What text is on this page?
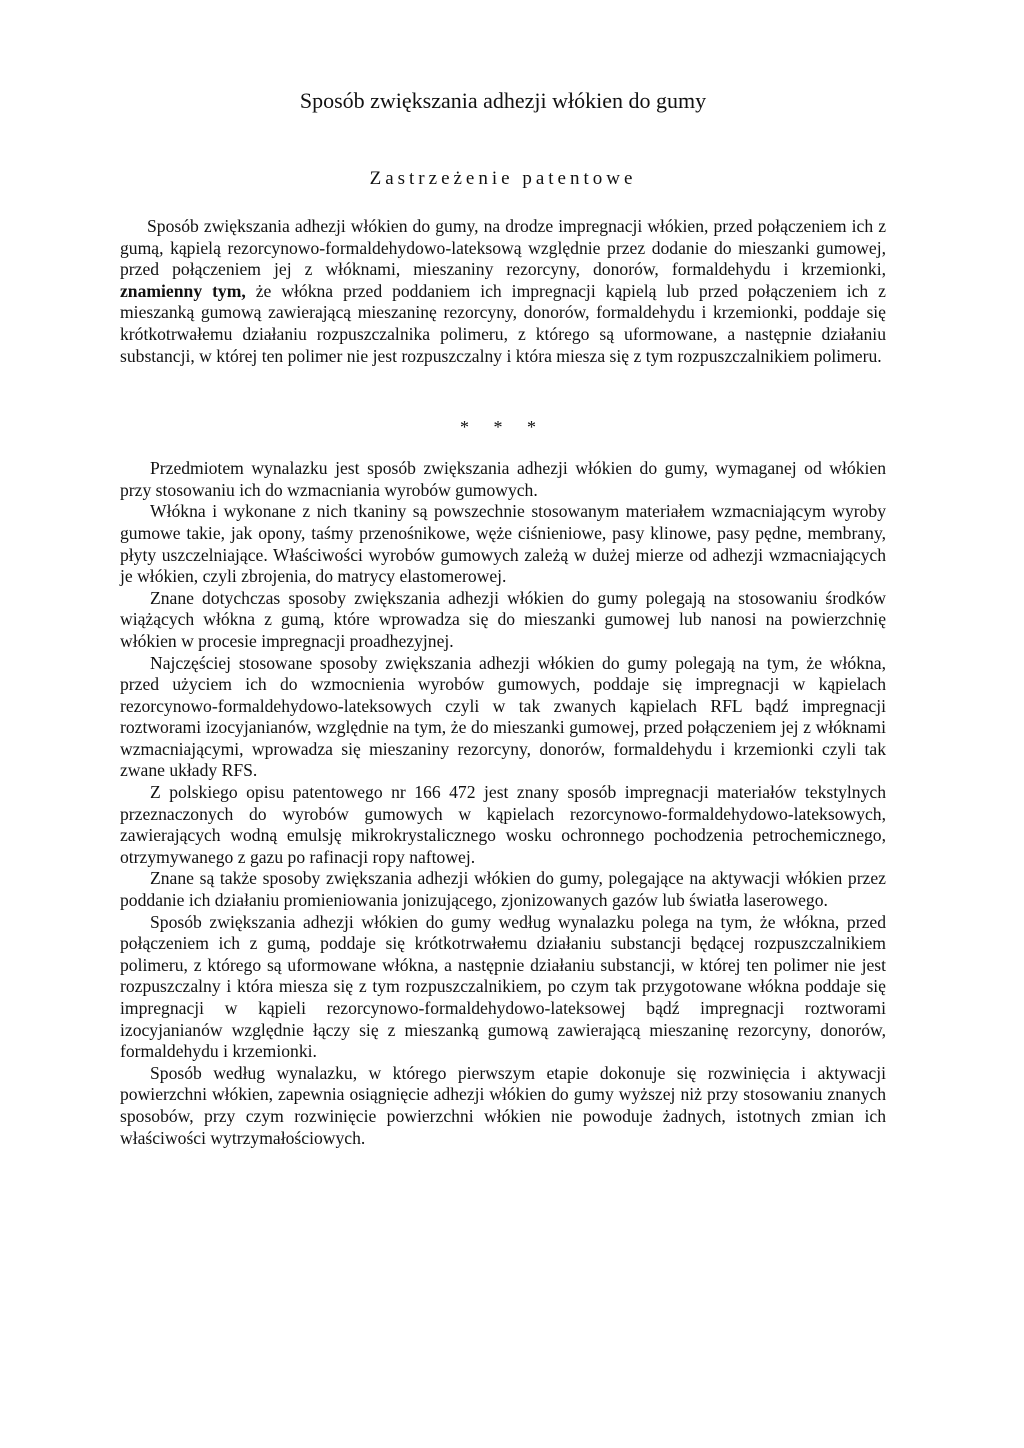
Sposób zwiększania adhezji włókien do gumy
Zastrzeżenie patentowe

Sposób zwiększania adhezji włókien do gumy, na drodze impregnacji włókien, przed połączeniem ich z gumą, kąpielą rezorcynowo-formaldehydowo-lateksową względnie przez dodanie do mieszanki gumowej, przed połączeniem jej z włóknami, mieszaniny rezorcyny, donorów, formaldehydu i krzemionki, znamienny tym, że włókna przed poddaniem ich impregnacji kąpielą lub przed połączeniem ich z mieszanką gumową zawierającą mieszaninę rezorcyny, donorów, formaldehydu i krzemionki, poddaje się krótkotrwałemu działaniu rozpuszczalnika polimeru, z którego są uformowane, a następnie działaniu substancji, w której ten polimer nie jest rozpuszczalny i która miesza się z tym rozpuszczalnikiem polimeru.

* * *

Przedmiotem wynalazku jest sposób zwiększania adhezji włókien do gumy, wymaganej od włókien przy stosowaniu ich do wzmacniania wyrobów gumowych.

Włókna i wykonane z nich tkaniny są powszechnie stosowanym materiałem wzmacniającym wyroby gumowe takie, jak opony, taśmy przenośnikowe, węże ciśnieniowe, pasy klinowe, pasy pędne, membrany, płyty uszczelniające. Właściwości wyrobów gumowych zależą w dużej mierze od adhezji wzmacniających je włókien, czyli zbrojenia, do matrycy elastomerowej.

Znane dotychczas sposoby zwiększania adhezji włókien do gumy polegają na stosowaniu środków wiążących włókna z gumą, które wprowadza się do mieszanki gumowej lub nanosi na powierzchnię włókien w procesie impregnacji proadhezyjnej.

Najczęściej stosowane sposoby zwiększania adhezji włókien do gumy polegają na tym, że włókna, przed użyciem ich do wzmocnienia wyrobów gumowych, poddaje się impregnacji w kąpielach rezorcynowo-formaldehydowo-lateksowych czyli w tak zwanych kąpielach RFL bądź impregnacji roztworami izocyjanianów, względnie na tym, że do mieszanki gumowej, przed połączeniem jej z włóknami wzmacniającymi, wprowadza się mieszaniny rezorcyny, donorów, formaldehydu i krzemionki czyli tak zwane układy RFS.

Z polskiego opisu patentowego nr 166 472 jest znany sposób impregnacji materiałów tekstylnych przeznaczonych do wyrobów gumowych w kąpielach rezorcynowo-formaldehydowo-lateksowych, zawierających wodną emulsję mikrokrystalicznego wosku ochronnego pochodzenia petrochemicznego, otrzymywanego z gazu po rafinacji ropy naftowej.

Znane są także sposoby zwiększania adhezji włókien do gumy, polegające na aktywacji włókien przez poddanie ich działaniu promieniowania jonizującego, zjonizowanych gazów lub światła laserowego.

Sposób zwiększania adhezji włókien do gumy według wynalazku polega na tym, że włókna, przed połączeniem ich z gumą, poddaje się krótkotrwałemu działaniu substancji będącej rozpuszczalnikiem polimeru, z którego są uformowane włókna, a następnie działaniu substancji, w której ten polimer nie jest rozpuszczalny i która miesza się z tym rozpuszczalnikiem, po czym tak przygotowane włókna poddaje się impregnacji w kąpieli rezorcynowo-formaldehydowo-lateksowej bądź impregnacji roztworami izocyjanianów względnie łączy się z mieszanką gumową zawierającą mieszaninę rezorcyny, donorów, formaldehydu i krzemionki.

Sposób według wynalazku, w którego pierwszym etapie dokonuje się rozwinięcia i aktywacji powierzchni włókien, zapewnia osiągnięcie adhezji włókien do gumy wyższej niż przy stosowaniu znanych sposobów, przy czym rozwinięcie powierzchni włókien nie powoduje żadnych, istotnych zmian ich właściwości wytrzymałościowych.
